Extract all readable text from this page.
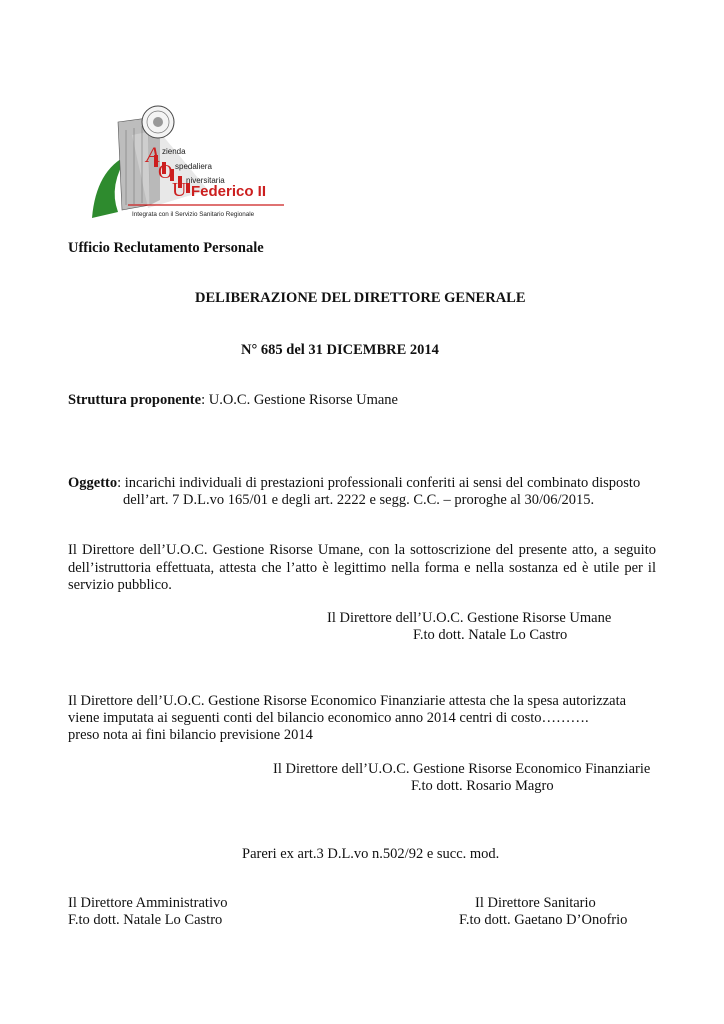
A
O
U
zienda
spedaliera
niversitaria
Federico II
Integrata con il Servizio Sanitario Regionale
Ufficio Reclutamento Personale
DELIBERAZIONE DEL DIRETTORE GENERALE
N° 685 del 31 DICEMBRE 2014
Struttura proponente: U.O.C. Gestione Risorse Umane
Oggetto: incarichi individuali di prestazioni professionali conferiti ai sensi del combinato disposto
dell’art. 7 D.L.vo 165/01 e degli art. 2222 e segg. C.C. – proroghe al 30/06/2015.
Il Direttore dell’U.O.C. Gestione Risorse Umane, con la sottoscrizione del presente atto, a seguito dell’istruttoria effettuata, attesta che l’atto è legittimo nella forma e nella sostanza ed è utile per il servizio pubblico.
Il Direttore dell’U.O.C. Gestione Risorse Umane
F.to dott. Natale Lo Castro
Il Direttore dell’U.O.C. Gestione Risorse Economico Finanziarie attesta che la spesa autorizzata
viene imputata ai seguenti conti del bilancio economico anno 2014 centri di costo……….
preso nota ai fini bilancio previsione 2014
Il Direttore dell’U.O.C. Gestione Risorse Economico Finanziarie
F.to dott. Rosario Magro
Pareri ex art.3 D.L.vo n.502/92 e succ. mod.
Il Direttore Amministrativo
F.to dott. Natale Lo Castro
Il Direttore Sanitario
F.to dott. Gaetano D’Onofrio
